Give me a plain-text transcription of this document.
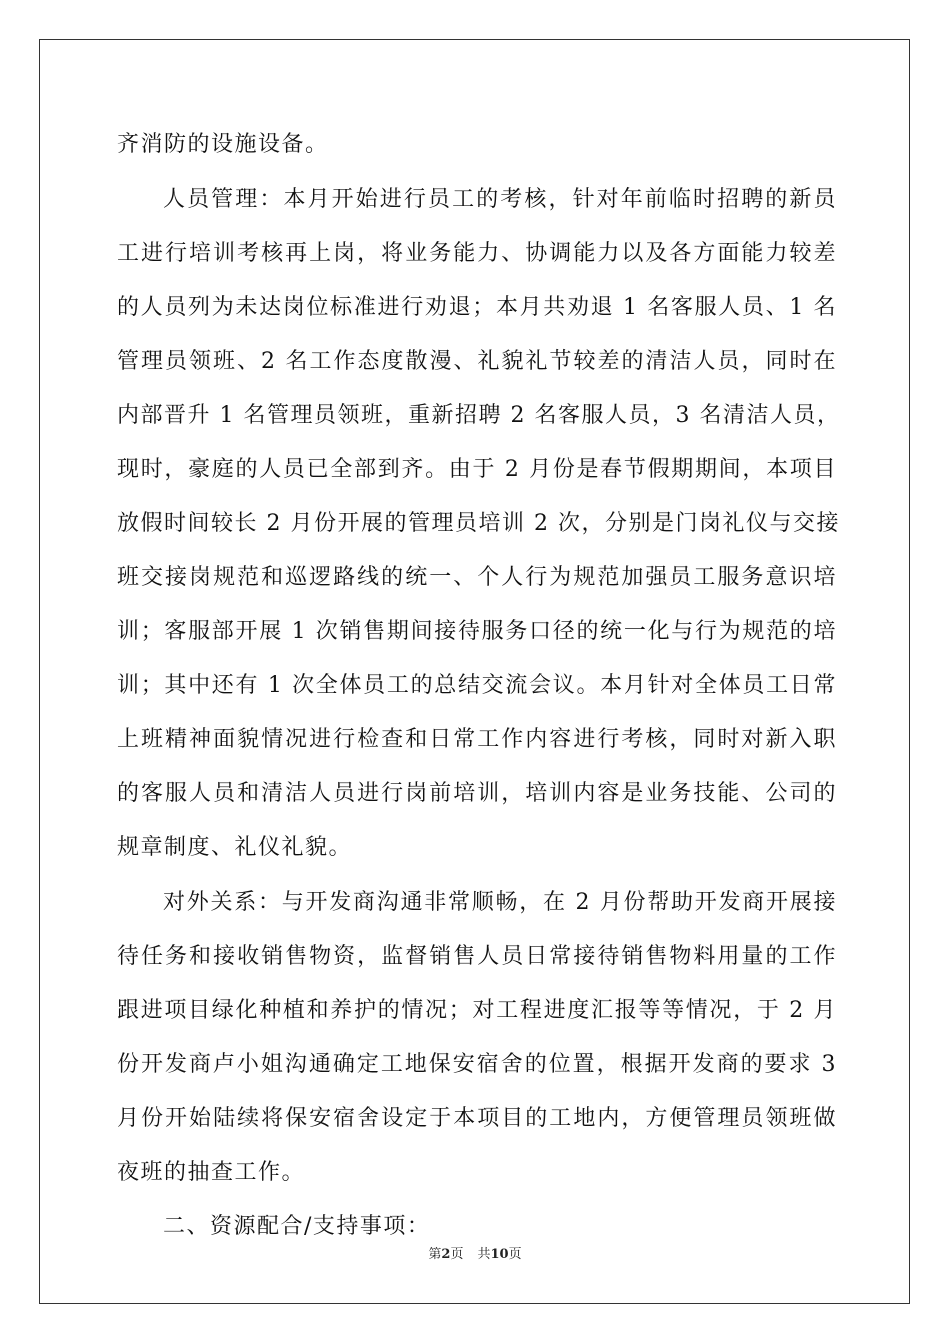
齐消防的设施设备。
人员管理：本月开始进行员工的考核，针对年前临时招聘的新员
工进行培训考核再上岗，将业务能力、协调能力以及各方面能力较差
的人员列为未达岗位标准进行劝退；本月共劝退 1 名客服人员、1 名
管理员领班、2 名工作态度散漫、礼貌礼节较差的清洁人员，同时在
内部晋升 1 名管理员领班，重新招聘 2 名客服人员，3 名清洁人员，
现时，豪庭的人员已全部到齐。由于 2 月份是春节假期期间，本项目
放假时间较长 2 月份开展的管理员培训 2 次，分别是门岗礼仪与交接
班交接岗规范和巡逻路线的统一、个人行为规范加强员工服务意识培
训；客服部开展 1 次销售期间接待服务口径的统一化与行为规范的培
训；其中还有 1 次全体员工的总结交流会议。本月针对全体员工日常
上班精神面貌情况进行检查和日常工作内容进行考核，同时对新入职
的客服人员和清洁人员进行岗前培训，培训内容是业务技能、公司的
规章制度、礼仪礼貌。
对外关系：与开发商沟通非常顺畅，在 2 月份帮助开发商开展接
待任务和接收销售物资，监督销售人员日常接待销售物料用量的工作
跟进项目绿化种植和养护的情况；对工程进度汇报等等情况，于 2 月
份开发商卢小姐沟通确定工地保安宿舍的位置，根据开发商的要求 3
月份开始陆续将保安宿舍设定于本项目的工地内，方便管理员领班做
夜班的抽查工作。
二、资源配合/支持事项：
第2页 共10页
